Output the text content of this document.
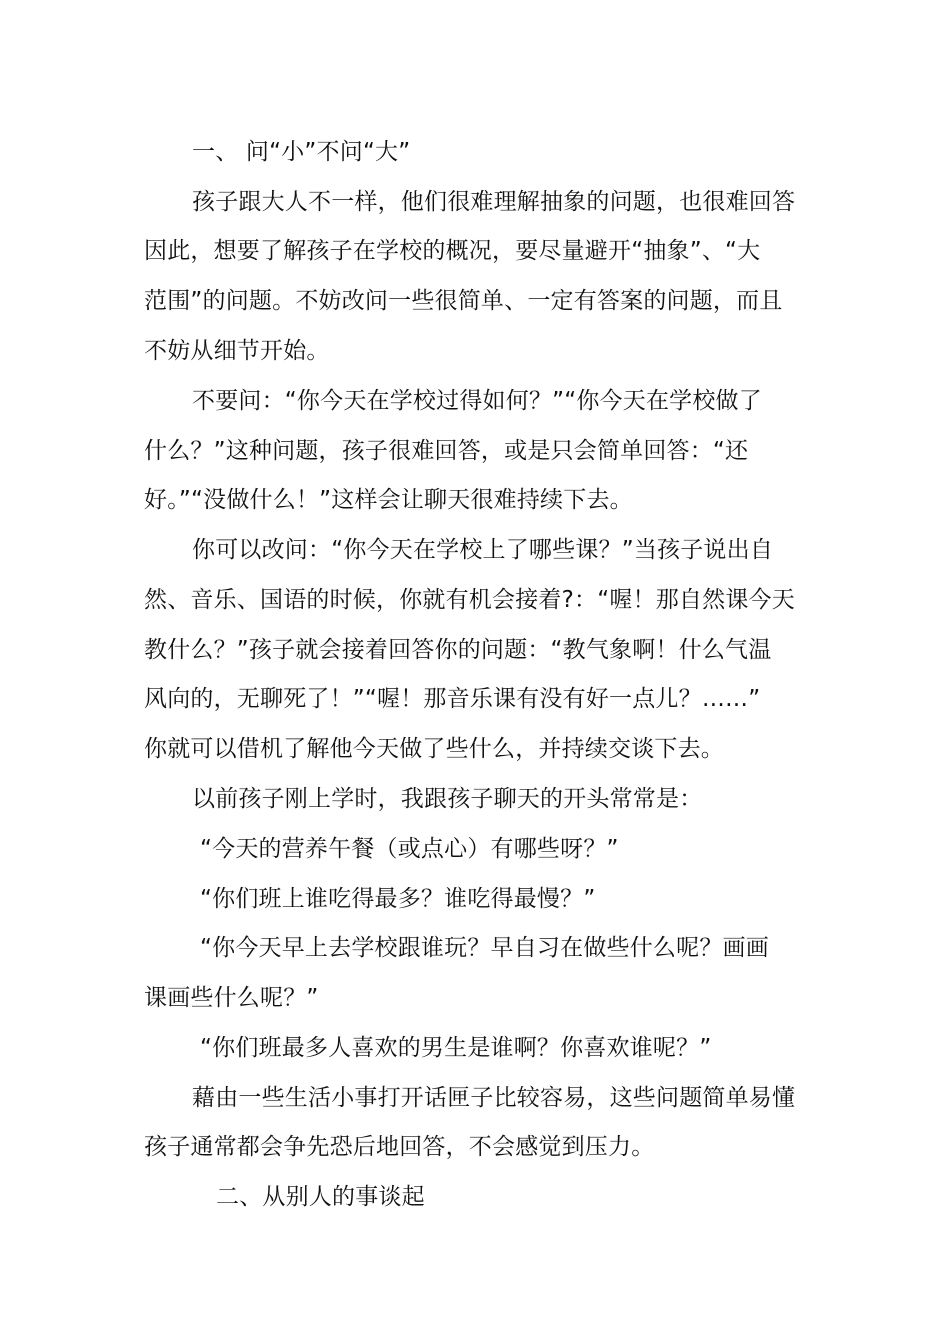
一、 问“小”不问“大”
孩子跟大人不一样，他们很难理解抽象的问题，也很难回答
因此，想要了解孩子在学校的概况，要尽量避开“抽象”、“大
范围”的问题。不妨改问一些很简单、一定有答案的问题，而且
不妨从细节开始。
不要问：“你今天在学校过得如何？”“你今天在学校做了
什么？”这种问题，孩子很难回答，或是只会简单回答：“还
好。”“没做什么！”这样会让聊天很难持续下去。
你可以改问：“你今天在学校上了哪些课？”当孩子说出自
然、音乐、国语的时候，你就有机会接着?：“喔！那自然课今天
教什么？”孩子就会接着回答你的问题：“教气象啊！什么气温
风向的，无聊死了！”“喔！那音乐课有没有好一点儿？……”
你就可以借机了解他今天做了些什么，并持续交谈下去。
以前孩子刚上学时，我跟孩子聊天的开头常常是：
“今天的营养午餐（或点心）有哪些呀？”
“你们班上谁吃得最多？谁吃得最慢？”
“你今天早上去学校跟谁玩？早自习在做些什么呢？画画
课画些什么呢？”
“你们班最多人喜欢的男生是谁啊？你喜欢谁呢？”
藉由一些生活小事打开话匣子比较容易，这些问题简单易懂
孩子通常都会争先恐后地回答，不会感觉到压力。
二、从别人的事谈起
